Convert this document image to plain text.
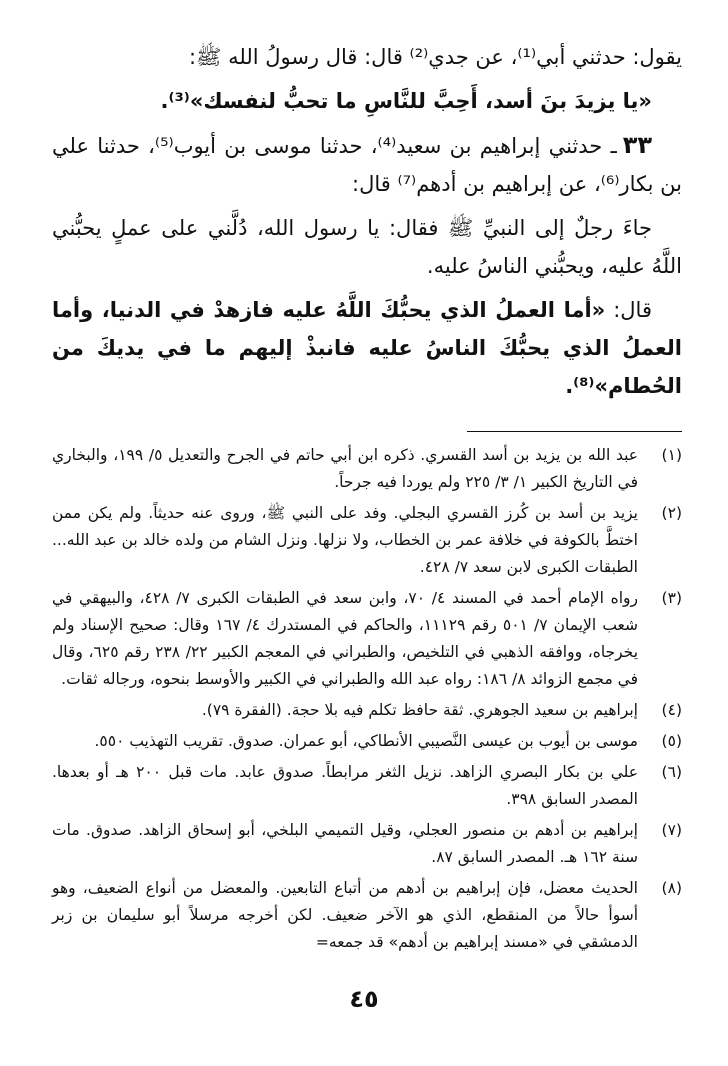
يقول: حدثني أبي⁽¹⁾، عن جدي⁽²⁾ قال: قال رسولُ الله ﷺ:

«يا يزيدَ بنَ أسد، أَحِبَّ للنَّاسِ ما تحبُّ لنفسك»⁽³⁾.

٣٣ـ حدثني إبراهيم بن سعيد⁽⁴⁾، حدثنا موسى بن أيوب⁽⁵⁾، حدثنا علي بن بكار⁽⁶⁾، عن إبراهيم بن أدهم⁽⁷⁾ قال:

جاءَ رجلٌ إلى النبيِّ ﷺ فقال: يا رسول الله، دُلَّني على عملٍ يحبُّني اللَّهُ عليه، ويحبُّني الناسُ عليه.

قال: «أما العملُ الذي يحبُّكَ اللَّهُ عليه فازهدْ في الدنيا، وأما العملُ الذي يحبُّكَ الناسُ عليه فانبذْ إليهم ما في يديكَ من الحُطام»⁽⁸⁾.

(١)
عبد الله بن يزيد بن أسد القسري. ذكره ابن أبي حاتم في الجرح والتعديل ٥/ ١٩٩، والبخاري في التاريخ الكبير ١/ ٣/ ٢٢٥ ولم يوردا فيه جرحاً.
(٢)
يزيد بن أسد بن كُرز القسري البجلي. وفد على النبي ﷺ، وروى عنه حديثاً. ولم يكن ممن اختطَّ بالكوفة في خلافة عمر بن الخطاب، ولا نزلها. ونزل الشام من ولده خالد بن عبد الله... الطبقات الكبرى لابن سعد ٧/ ٤٢٨.
(٣)
رواه الإمام أحمد في المسند ٤/ ٧٠، وابن سعد في الطبقات الكبرى ٧/ ٤٢٨، والبيهقي في شعب الإيمان ٧/ ٥٠١ رقم ١١١٢٩، والحاكم في المستدرك ٤/ ١٦٧ وقال: صحيح الإسناد ولم يخرجاه، ووافقه الذهبي في التلخيص، والطبراني في المعجم الكبير ٢٢/ ٢٣٨ رقم ٦٢٥، وقال في مجمع الزوائد ٨/ ١٨٦: رواه عبد الله والطبراني في الكبير والأوسط بنحوه، ورجاله ثقات.
(٤)
إبراهيم بن سعيد الجوهري. ثقة حافظ تكلم فيه بلا حجة. (الفقرة ٧٩).
(٥)
موسى بن أيوب بن عيسى النَّصيبي الأنطاكي، أبو عمران. صدوق. تقريب التهذيب ٥٥٠.
(٦)
علي بن بكار البصري الزاهد. نزيل الثغر مرابطاً. صدوق عابد. مات قبل ٢٠٠ هـ أو بعدها. المصدر السابق ٣٩٨.
(٧)
إبراهيم بن أدهم بن منصور العجلي، وقيل التميمي البلخي، أبو إسحاق الزاهد. صدوق. مات سنة ١٦٢ هـ. المصدر السابق ٨٧.
(٨)
الحديث معضل، فإن إبراهيم بن أدهم من أتباع التابعين. والمعضل من أنواع الضعيف، وهو أسوأ حالاً من المنقطع، الذي هو الآخر ضعيف. لكن أخرجه مرسلاً أبو سليمان بن زبر الدمشقي في «مسند إبراهيم بن أدهم» قد جمعه=
٤٥
